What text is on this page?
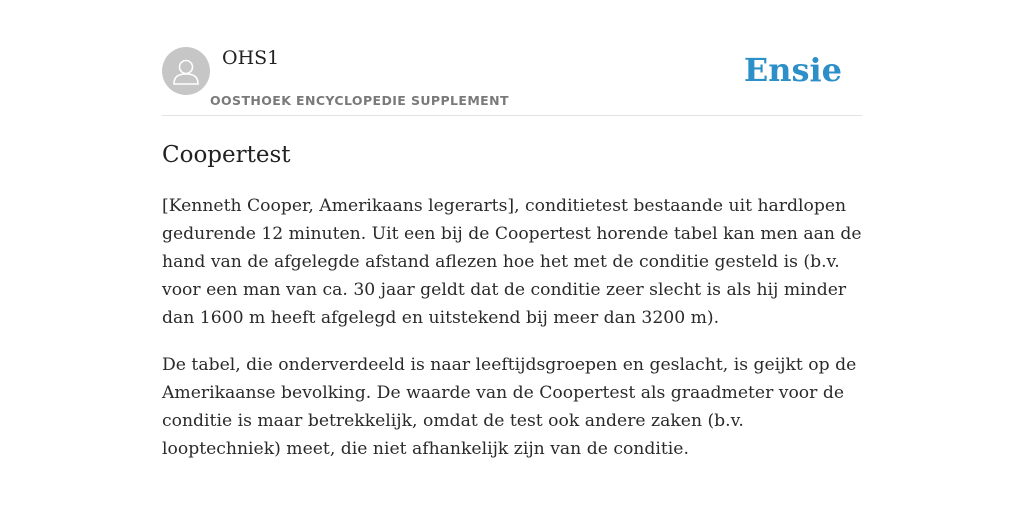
OHS1

OOSTHOEK ENCYCLOPEDIE SUPPLEMENT

Ensie

Coopertest

[Kenneth Cooper, Amerikaans legerarts], conditietest bestaande uit hardlopen gedurende 12 minuten. Uit een bij de Coopertest horende tabel kan men aan de hand van de afgelegde afstand aflezen hoe het met de conditie gesteld is (b.v. voor een man van ca. 30 jaar geldt dat de conditie zeer slecht is als hij minder dan 1600 m heeft afgelegd en uitstekend bij meer dan 3200 m).

De tabel, die onderverdeeld is naar leeftijdsgroepen en geslacht, is geijkt op de Amerikaanse bevolking. De waarde van de Coopertest als graadmeter voor de conditie is maar betrekkelijk, omdat de test ook andere zaken (b.v. looptechniek) meet, die niet afhankelijk zijn van de conditie.
